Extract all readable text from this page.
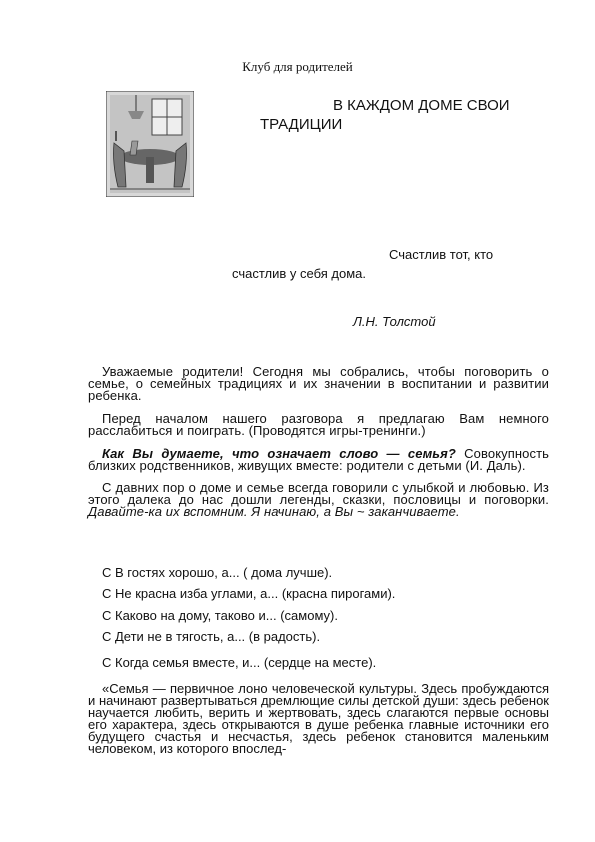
Клуб для родителей
В КАЖДОМ ДОМЕ СВОИ
ТРАДИЦИИ
Счастлив тот, кто
счастлив у себя дома.
Л.Н. Толстой

Уважаемые родители! Сегодня мы собрались, чтобы поговорить о семье, о семейных традициях и их значении в воспитании и развитии ребенка.

Перед началом нашего разговора я предлагаю Вам немного расслабиться и поиграть. (Проводятся игры-тренинги.)

Как Вы думаете, что означает слово — семья? Совокупность близких родственников, живущих вместе: родители с детьми (И. Даль).

С давних пор о доме и семье всегда говорили с улыбкой и любовью. Из этого далека до нас дошли легенды, сказки, пословицы и поговорки. Давайте-ка их вспомним. Я начинаю, а Вы ~ заканчиваете.

С В гостях хорошо, а... ( дома лучше).
С Не красна изба углами, а... (красна пирогами).
С Каково на дому, таково и... (самому).
С Дети не в тягость, а... (в радость).
С Когда семья вместе, и... (сердце на месте).

«Семья — первичное лоно человеческой культуры. Здесь пробуждаются и начинают развертываться дремлющие силы детской души: здесь ребенок научается любить, верить и жертвовать, здесь слагаются первые основы его характера, здесь открываются в душе ребенка главные источники его будущего счастья и несчастья, здесь ребенок становится маленьким человеком, из которого впослед-
